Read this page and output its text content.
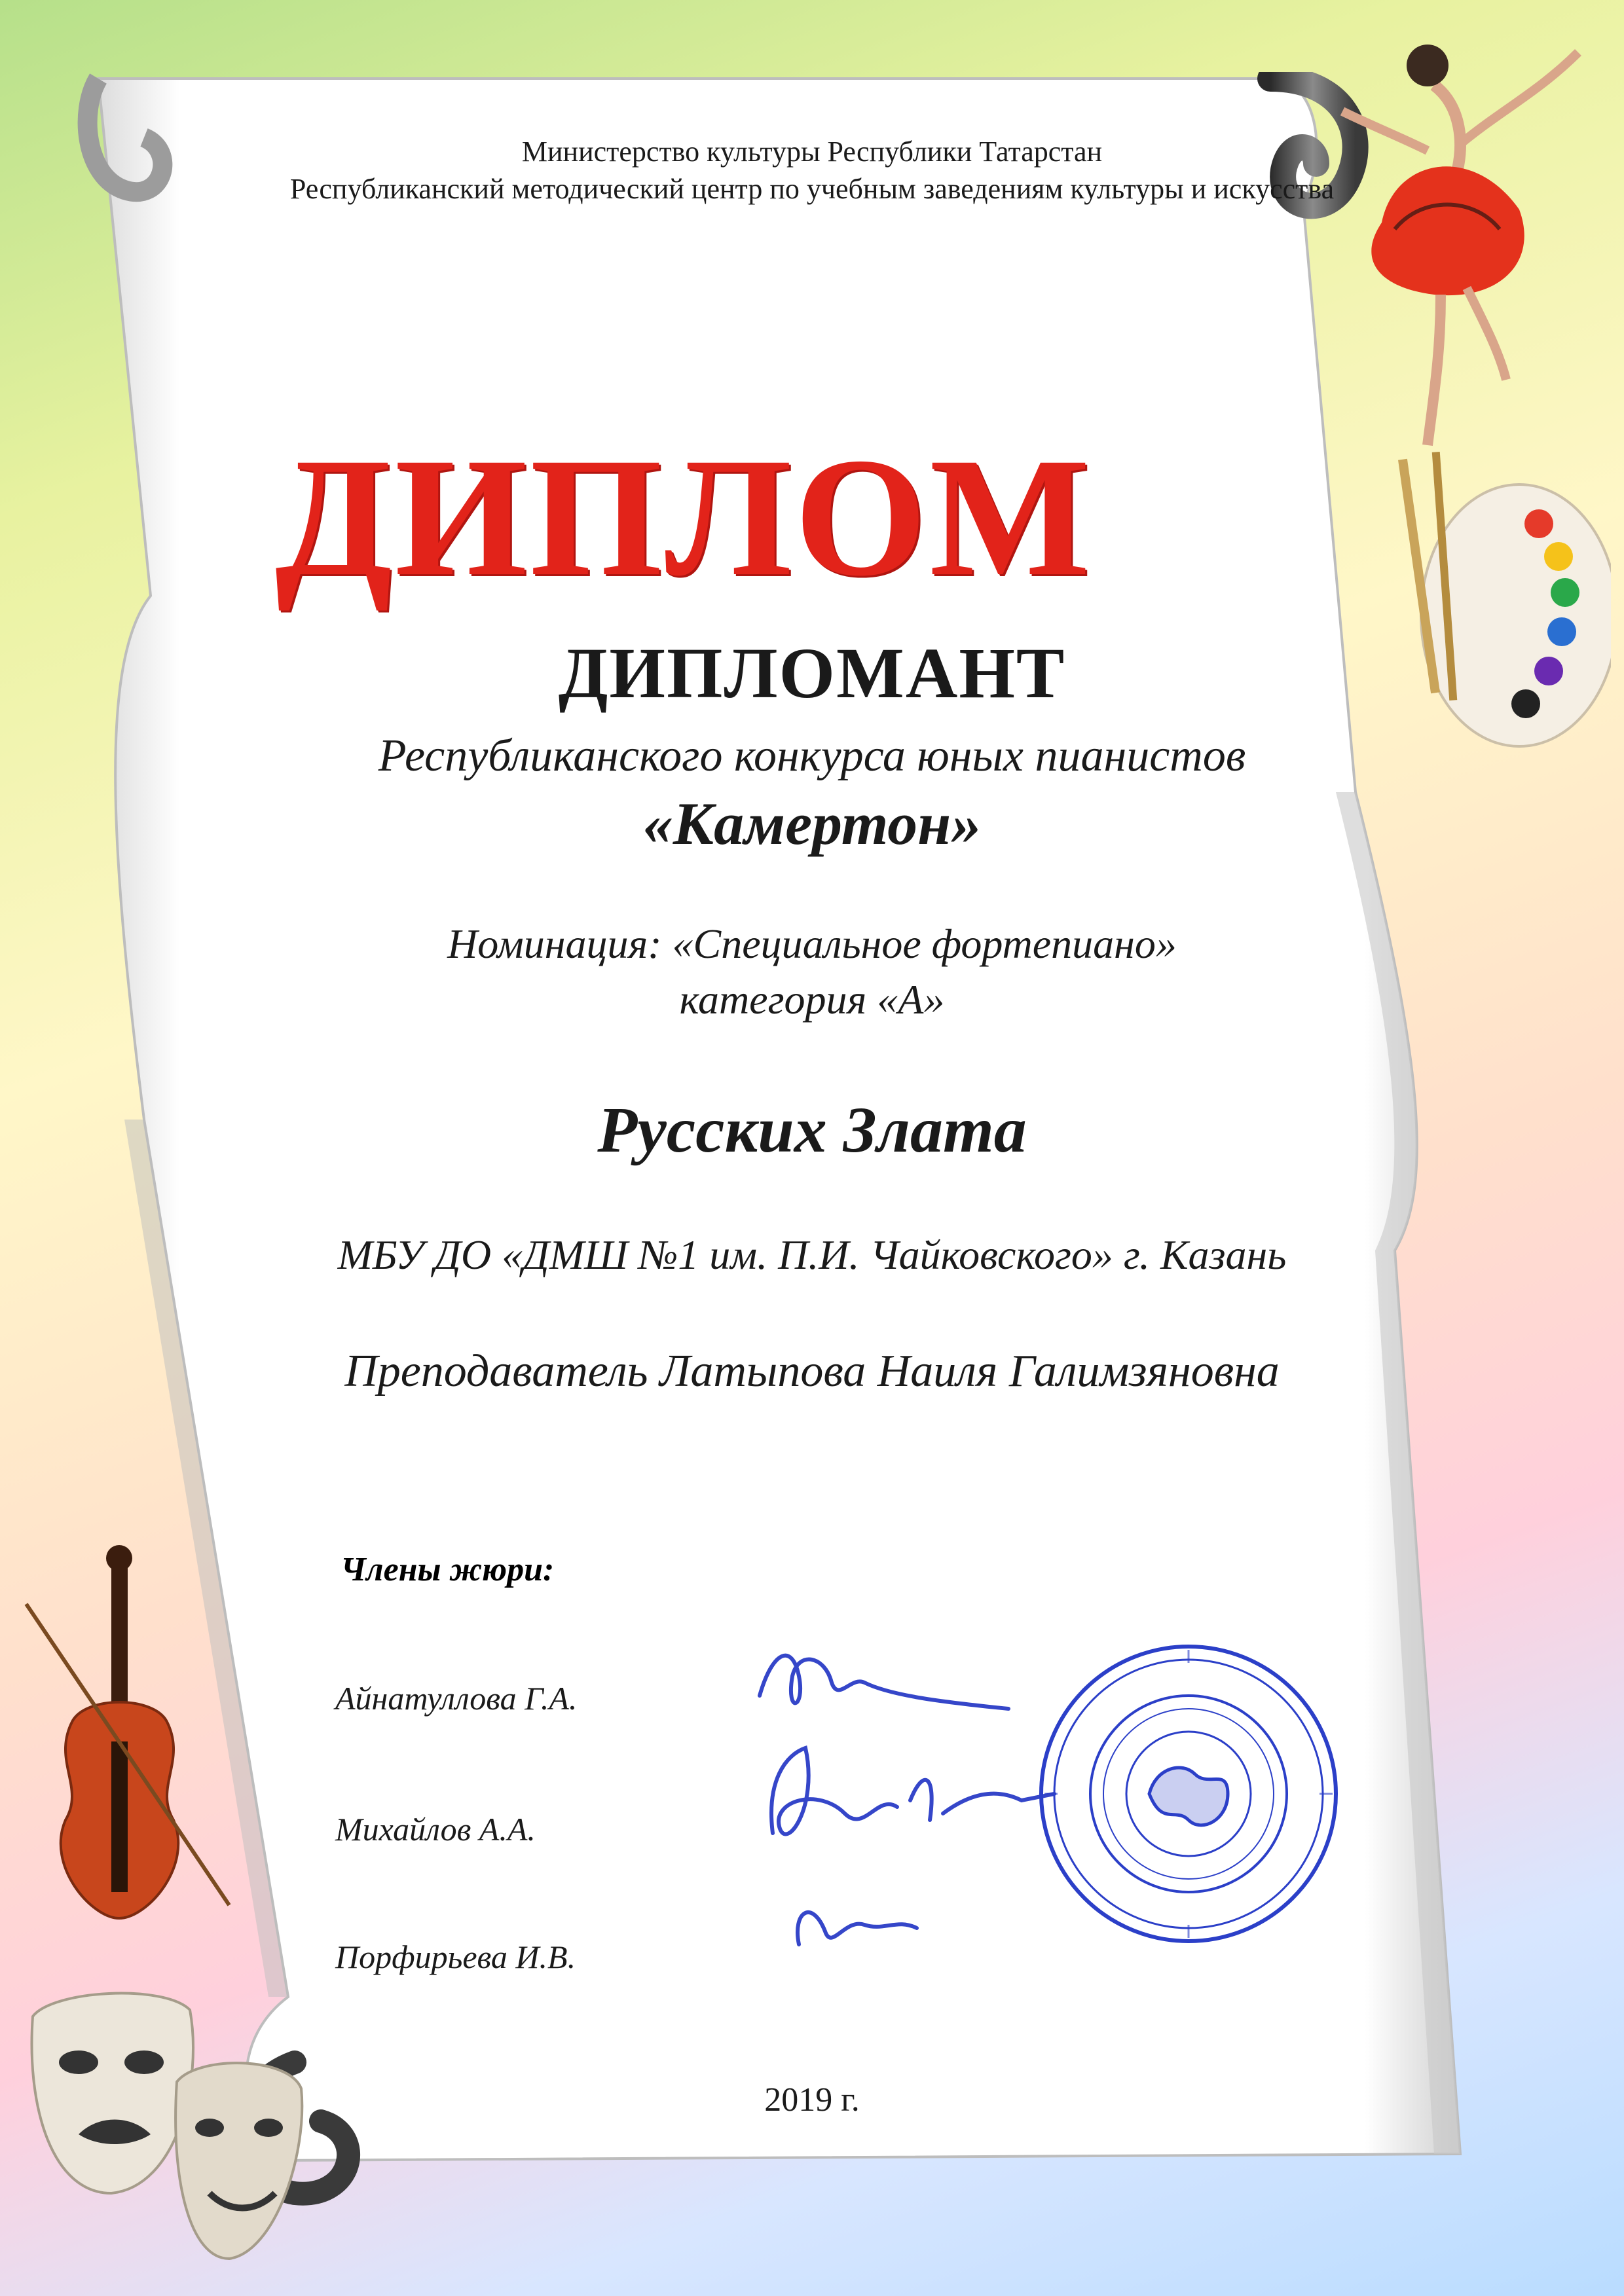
Министерство культуры Республики Татарстан
Республиканский методический центр по учебным заведениям культуры и искусства
ДИПЛОМ
ДИПЛОМАНТ
Республиканского конкурса юных пианистов
«Камертон»
Номинация: «Специальное фортепиано»
категория «А»
Русских Злата
МБУ ДО «ДМШ №1 им. П.И. Чайковского» г. Казань
Преподаватель Латыпова Наиля Галимзяновна
Члены жюри:
Айнатуллова Г.А.
Михайлов А.А.
Порфирьева И.В.
2019 г.
